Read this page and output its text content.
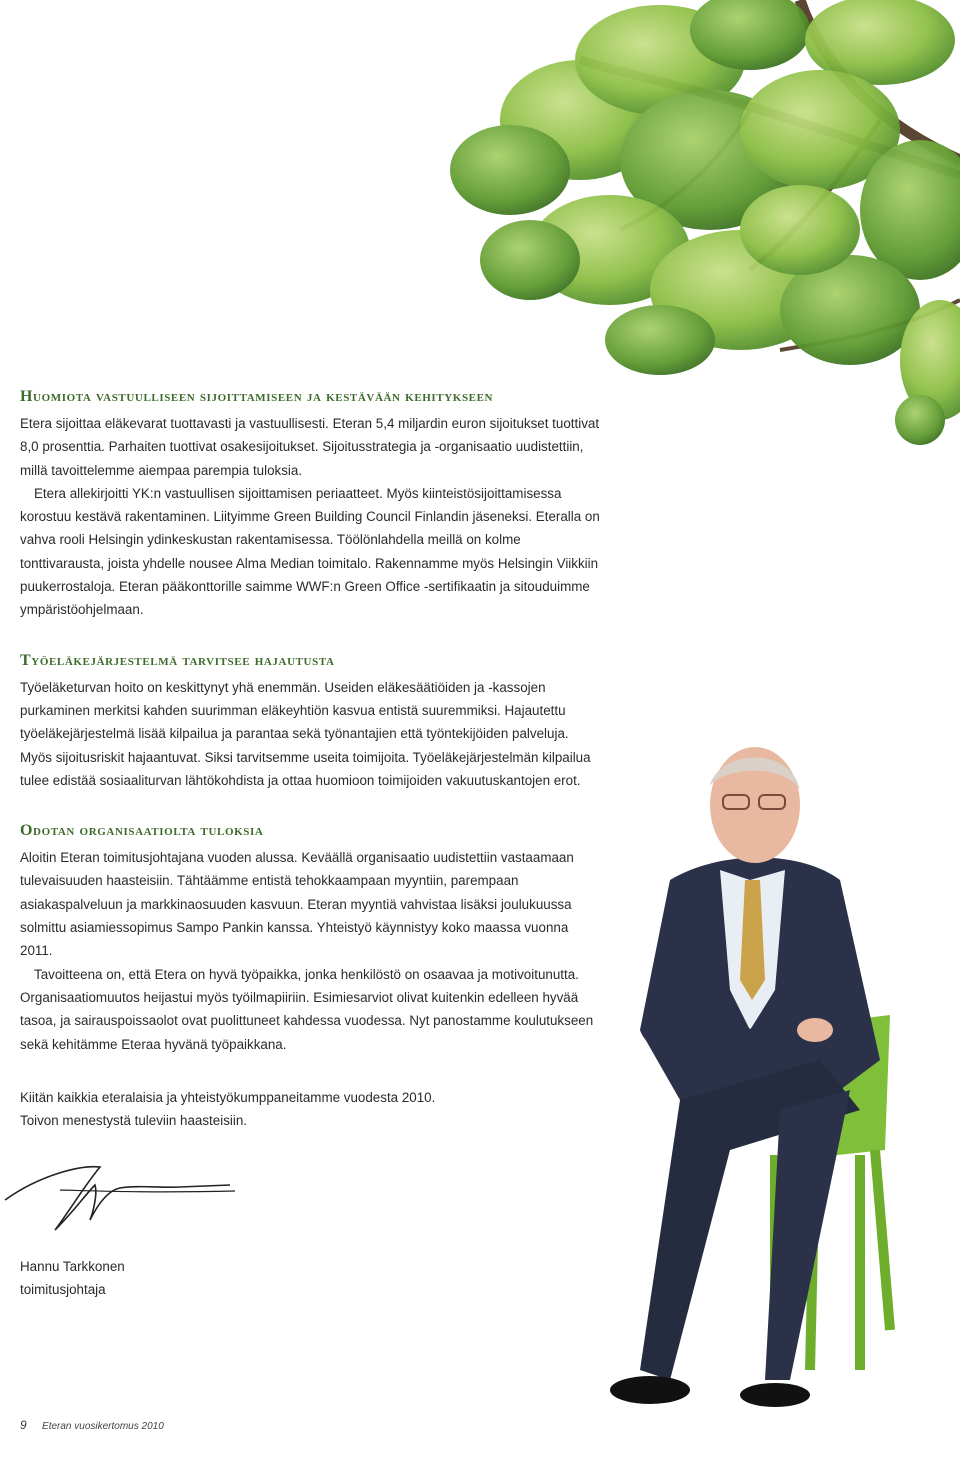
Huomiota vastuulliseen sijoittamiseen ja kestävään kehitykseen

Etera sijoittaa eläkevarat tuottavasti ja vastuullisesti. Eteran 5,4 miljardin euron sijoitukset tuottivat 8,0 prosenttia. Parhaiten tuottivat osakesijoitukset. Sijoitusstrategia ja -organisaatio uudistettiin, millä tavoittelemme aiempaa parempia tuloksia.

Etera allekirjoitti YK:n vastuullisen sijoittamisen periaatteet. Myös kiinteistösijoittamisessa korostuu kestävä rakentaminen. Liityimme Green Building Council Finlandin jäseneksi. Eteralla on vahva rooli Helsingin ydinkeskustan rakentamisessa. Töölönlahdella meillä on kolme tonttivarausta, joista yhdelle nousee Alma Median toimitalo. Rakennamme myös Helsingin Viikkiin puukerrostaloja. Eteran pääkonttorille saimme WWF:n Green Office -sertifikaatin ja sitouduimme ympäristöohjelmaan.

Työeläkejärjestelmä tarvitsee hajautusta

Työeläketurvan hoito on keskittynyt yhä enemmän. Useiden eläkesäätiöiden ja -kassojen purkaminen merkitsi kahden suurimman eläkeyhtiön kasvua entistä suuremmiksi. Hajautettu työeläkejärjestelmä lisää kilpailua ja parantaa sekä työnantajien että työntekijöiden palveluja. Myös sijoitusriskit hajaantuvat. Siksi tarvitsemme useita toimijoita. Työeläkejärjestelmän kilpailua tulee edistää sosiaaliturvan lähtökohdista ja ottaa huomioon toimijoiden vakuutuskantojen erot.

Odotan organisaatiolta tuloksia

Aloitin Eteran toimitusjohtajana vuoden alussa. Keväällä organisaatio uudistettiin vastaamaan tulevaisuuden haasteisiin. Tähtäämme entistä tehokkaampaan myyntiin, parempaan asiakaspalveluun ja markkinaosuuden kasvuun. Eteran myyntiä vahvistaa lisäksi joulukuussa solmittu asiamiessopimus Sampo Pankin kanssa. Yhteistyö käynnistyy koko maassa vuonna 2011.

Tavoitteena on, että Etera on hyvä työpaikka, jonka henkilöstö on osaavaa ja motivoitunutta. Organisaatiomuutos heijastui myös työilmapiiriin. Esimiesarviot olivat kuitenkin edelleen hyvää tasoa, ja sairauspoissaolot ovat puolittuneet kahdessa vuodessa. Nyt panostamme koulutukseen sekä kehitämme Eteraa hyvänä työpaikkana.

Kiitän kaikkia eteralaisia ja yhteistyökumppaneitamme vuodesta 2010.

Toivon menestystä tuleviin haasteisiin.

Hannu Tarkkonen
toimitusjohtaja
9 Eteran vuosikertomus 2010
